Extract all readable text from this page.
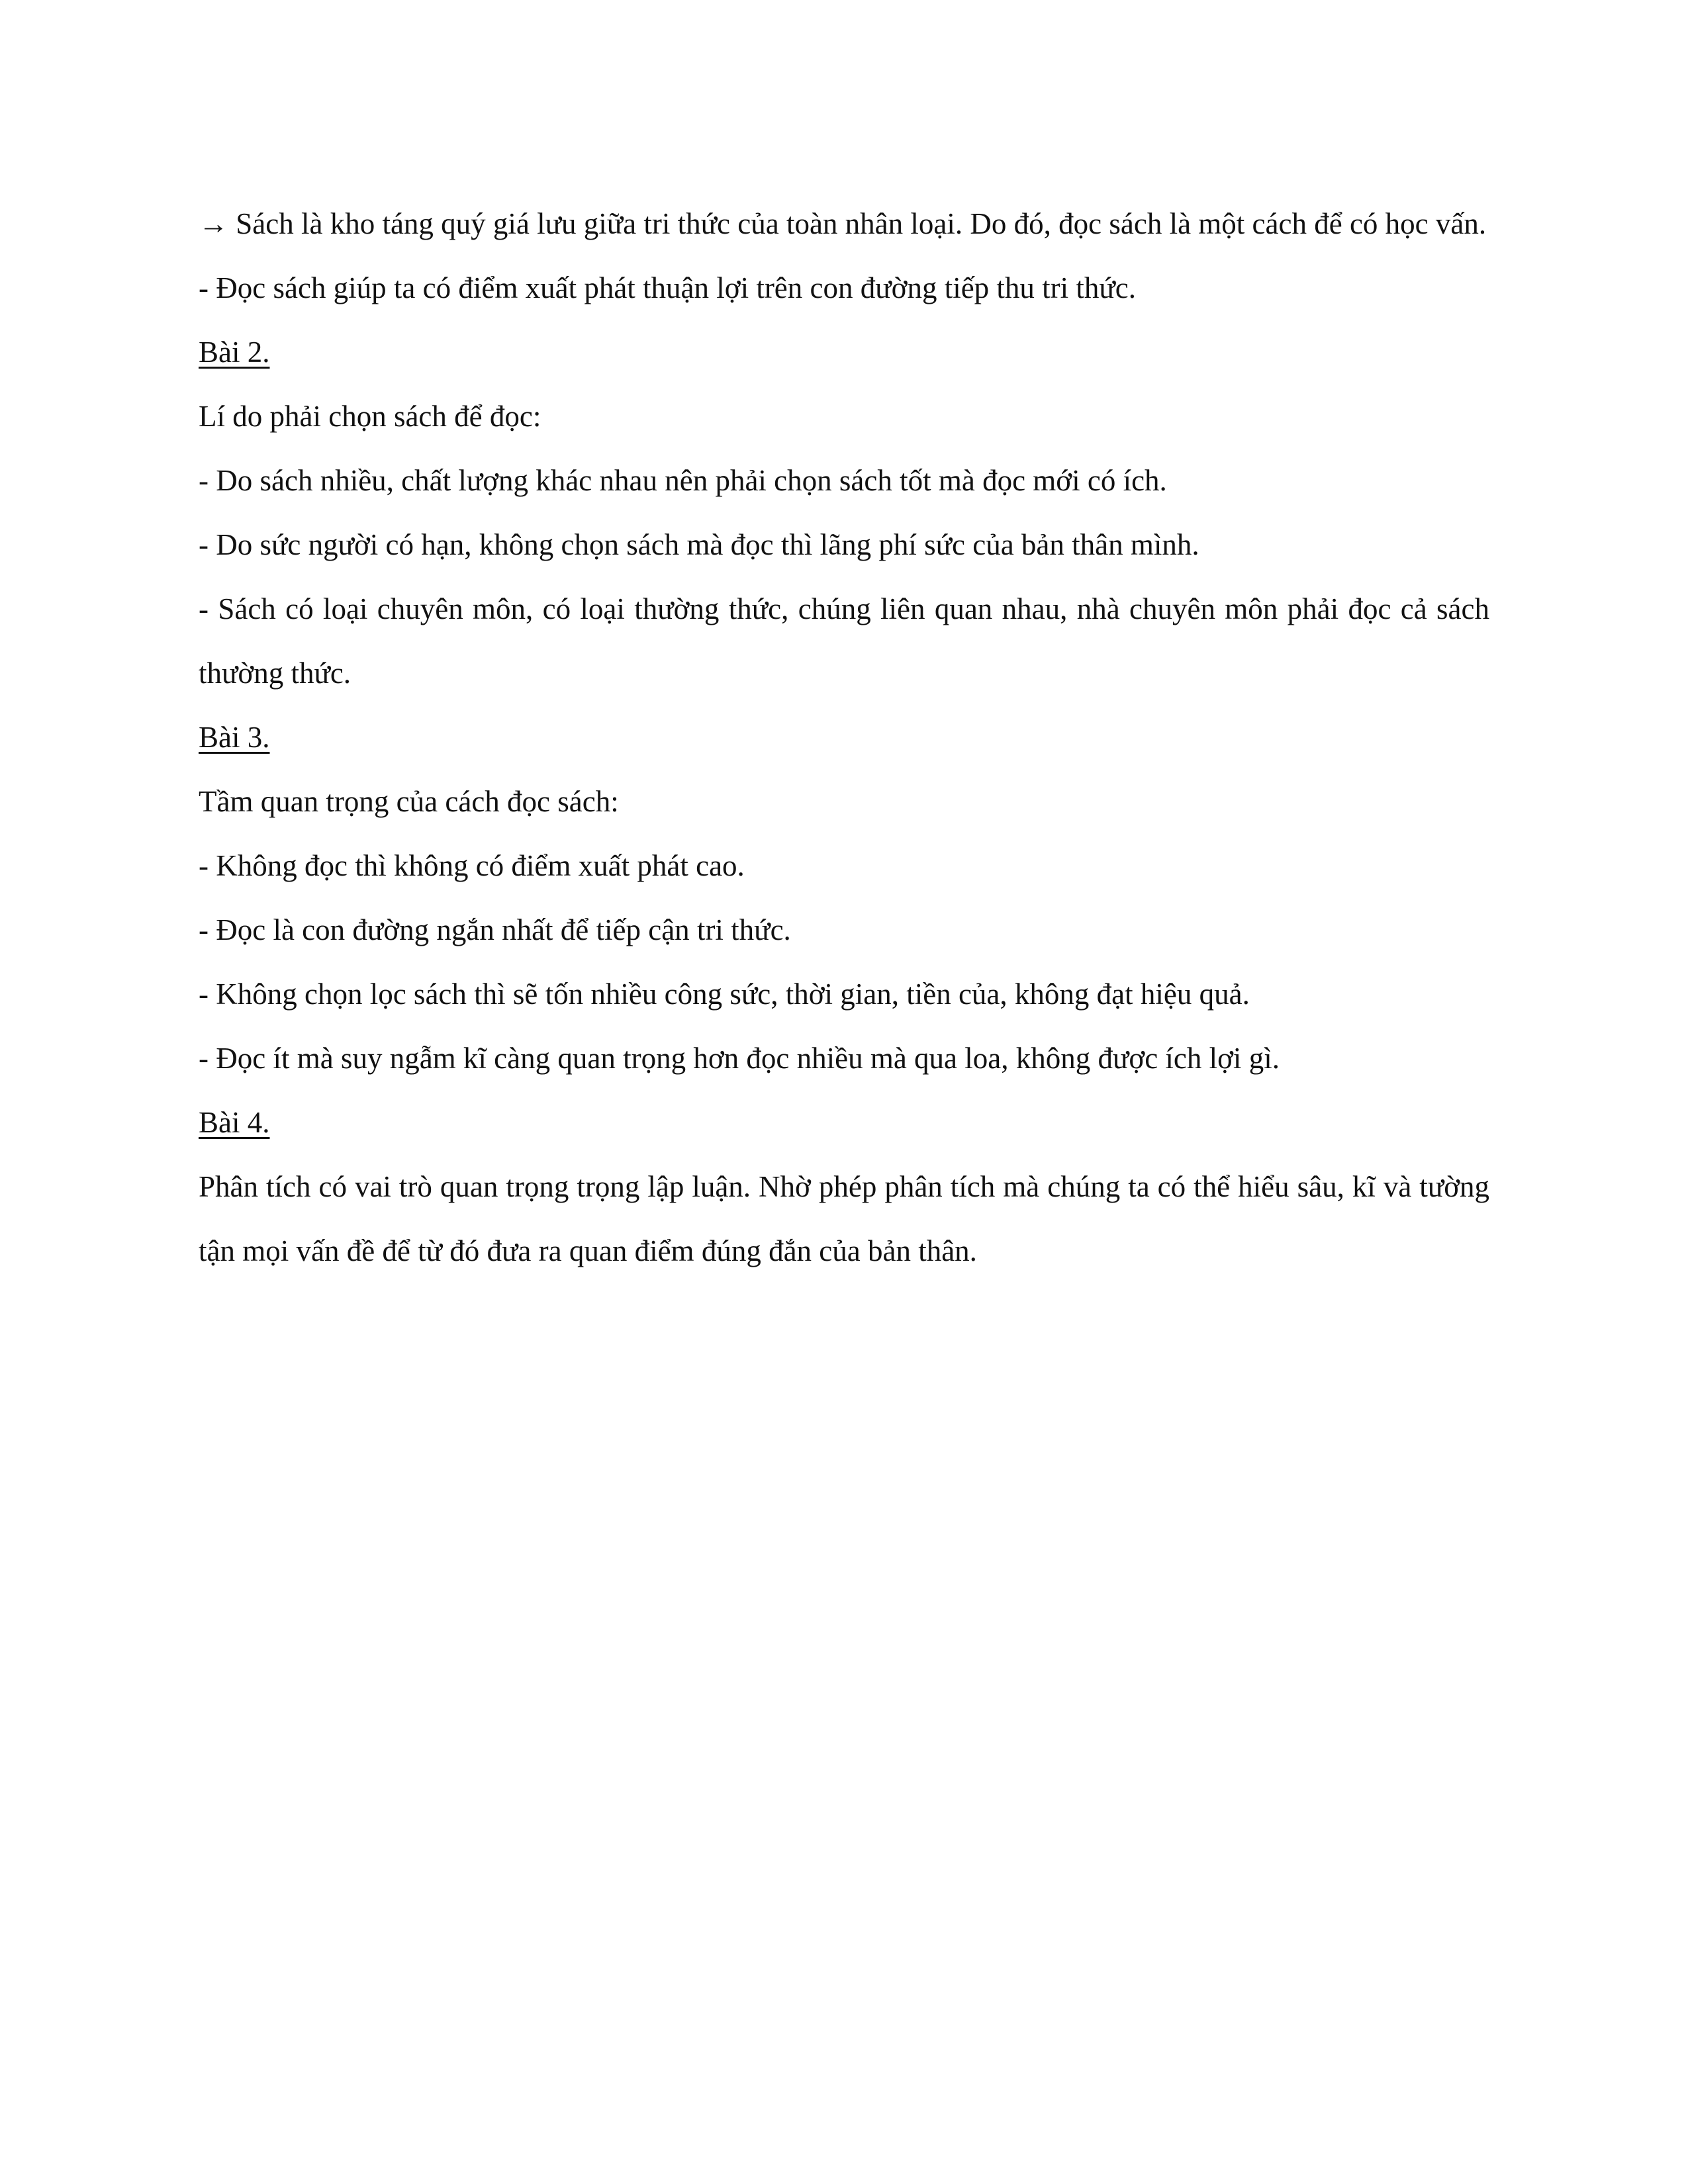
→ Sách là kho táng quý giá lưu giữa tri thức của toàn nhân loại. Do đó, đọc sách là một cách để có học vấn.

- Đọc sách giúp ta có điểm xuất phát thuận lợi trên con đường tiếp thu tri thức.

Bài 2.

Lí do phải chọn sách để đọc:

- Do sách nhiều, chất lượng khác nhau nên phải chọn sách tốt mà đọc mới có ích.

- Do sức người có hạn, không chọn sách mà đọc thì lãng phí sức của bản thân mình.

- Sách có loại chuyên môn, có loại thường thức, chúng liên quan nhau, nhà chuyên môn phải đọc cả sách thường thức.

Bài 3.

Tầm quan trọng của cách đọc sách:

- Không đọc thì không có điểm xuất phát cao.

- Đọc là con đường ngắn nhất để tiếp cận tri thức.

- Không chọn lọc sách thì sẽ tốn nhiều công sức, thời gian, tiền của, không đạt hiệu quả.

- Đọc ít mà suy ngẫm kĩ càng quan trọng hơn đọc nhiều mà qua loa, không được ích lợi gì.

Bài 4.

Phân tích có vai trò quan trọng trọng lập luận. Nhờ phép phân tích mà chúng ta có thể hiểu sâu, kĩ và tường tận mọi vấn đề để từ đó đưa ra quan điểm đúng đắn của bản thân.
